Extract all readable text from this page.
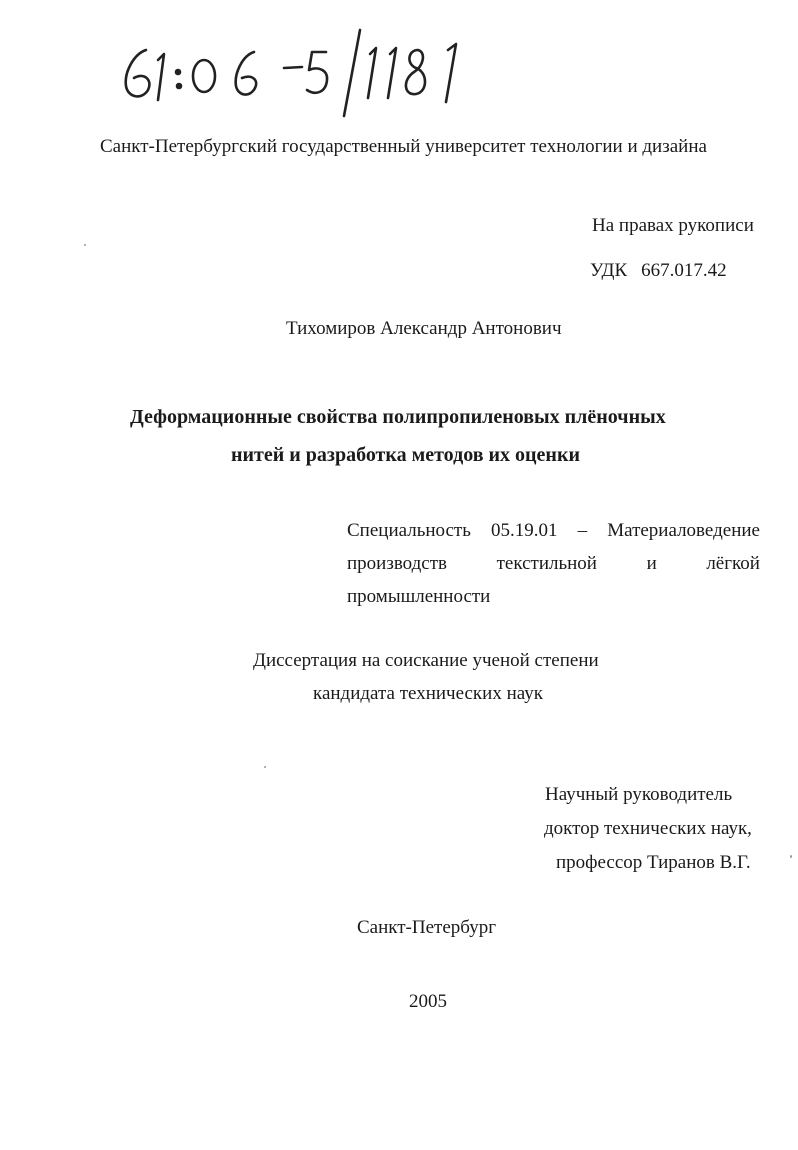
Санкт-Петербургский государственный университет технологии и дизайна
На правах рукописи
УДК 667.017.42
Тихомиров Александр Антонович
Деформационные свойства полипропиленовых плёночных
нитей и разработка методов их оценки
Специальность 05.19.01 – Материаловедение
производств	текстильной	и	лёгкой
промышленности
Диссертация на соискание ученой степени
кандидата технических наук
Научный руководитель
доктор технических наук,
профессор Тиранов В.Г.
Санкт-Петербург
2005
